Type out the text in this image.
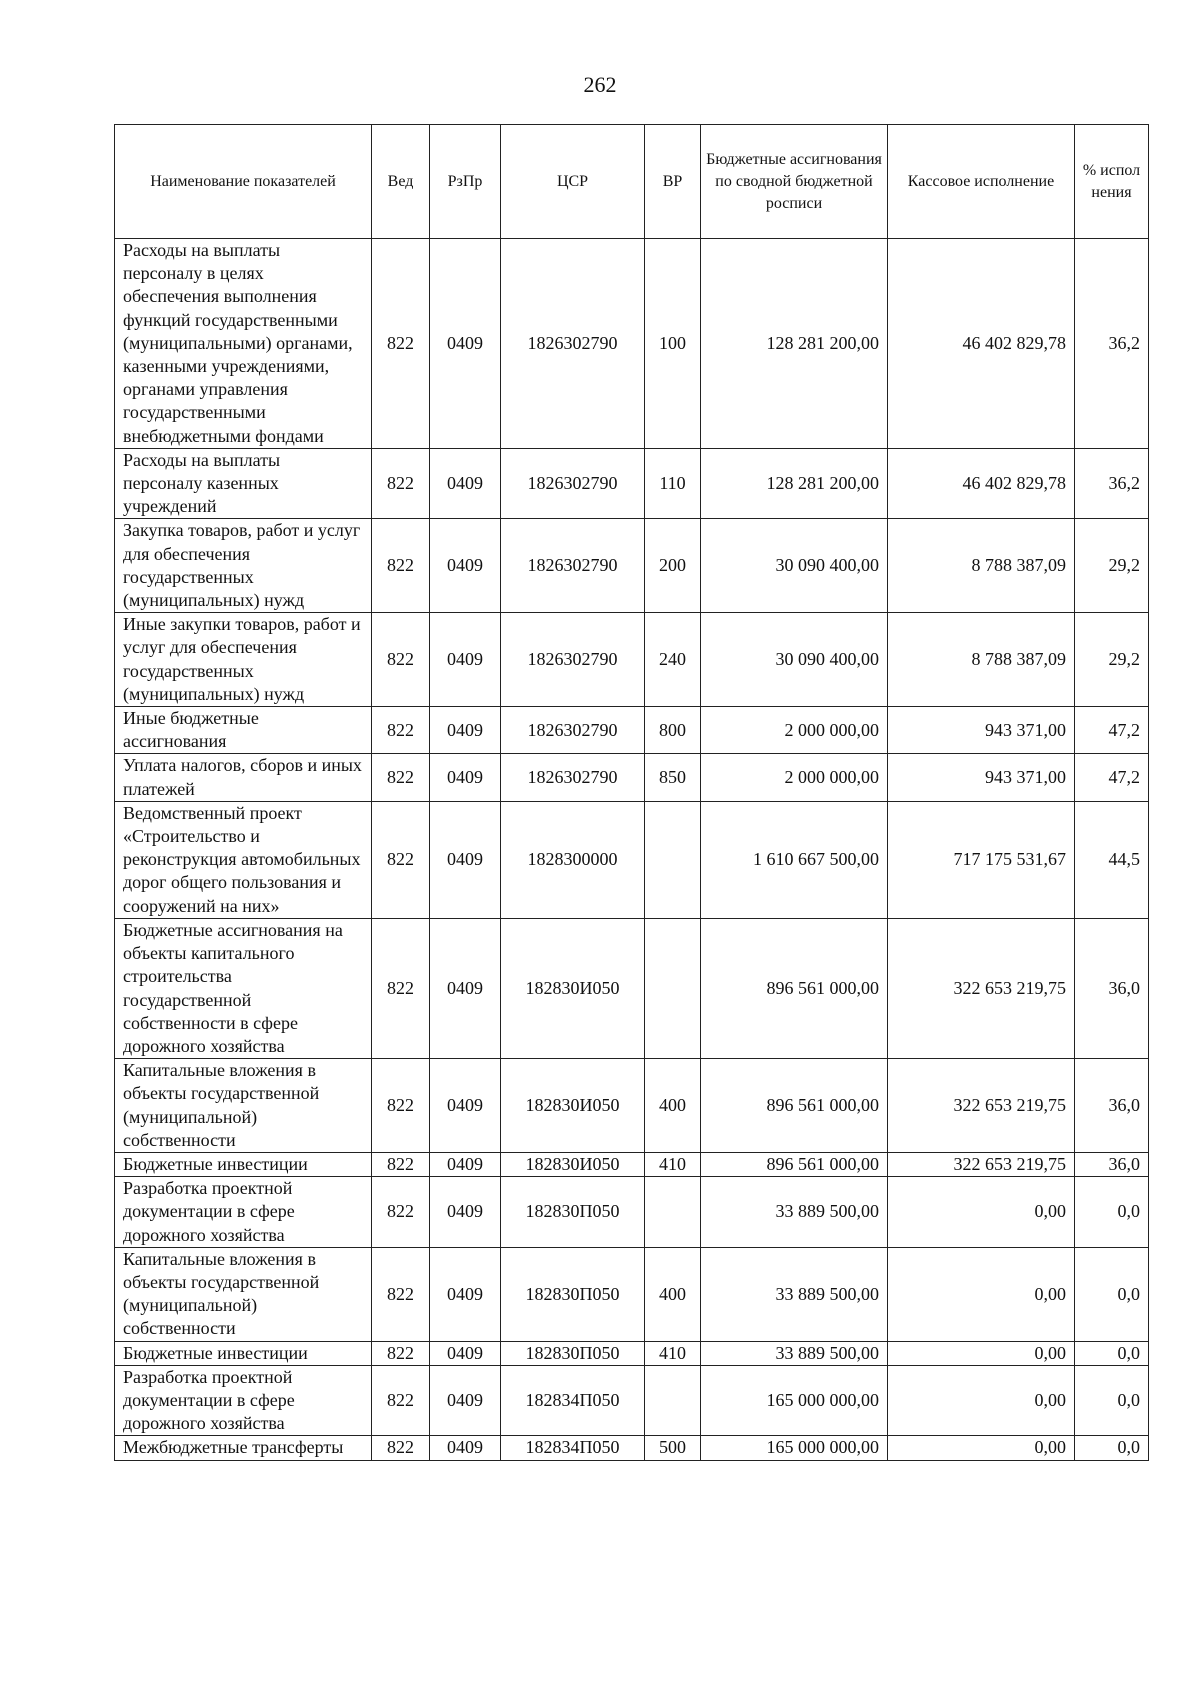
262
Наименование показателей	Вед	РзПр	ЦСР	ВР	Бюджетные ассигнования по сводной бюджетной росписи	Кассовое исполнение	% испол нения
Расходы на выплаты персоналу в целях обеспечения выполнения функций государственными (муниципальными) органами, казенными учреждениями, органами управления государственными внебюджетными фондами	822	0409	1826302790	100	128 281 200,00	46 402 829,78	36,2
Расходы на выплаты персоналу казенных учреждений	822	0409	1826302790	110	128 281 200,00	46 402 829,78	36,2
Закупка товаров, работ и услуг для обеспечения государственных (муниципальных) нужд	822	0409	1826302790	200	30 090 400,00	8 788 387,09	29,2
Иные закупки товаров, работ и услуг для обеспечения государственных (муниципальных) нужд	822	0409	1826302790	240	30 090 400,00	8 788 387,09	29,2
Иные бюджетные ассигнования	822	0409	1826302790	800	2 000 000,00	943 371,00	47,2
Уплата налогов, сборов и иных платежей	822	0409	1826302790	850	2 000 000,00	943 371,00	47,2
Ведомственный проект «Строительство и реконструкция автомобильных дорог общего пользования и сооружений на них»	822	0409	1828300000		1 610 667 500,00	717 175 531,67	44,5
Бюджетные ассигнования на объекты капитального строительства государственной собственности в сфере дорожного хозяйства	822	0409	182830И050		896 561 000,00	322 653 219,75	36,0
Капитальные вложения в объекты государственной (муниципальной) собственности	822	0409	182830И050	400	896 561 000,00	322 653 219,75	36,0
Бюджетные инвестиции	822	0409	182830И050	410	896 561 000,00	322 653 219,75	36,0
Разработка проектной документации в сфере дорожного хозяйства	822	0409	182830П050		33 889 500,00	0,00	0,0
Капитальные вложения в объекты государственной (муниципальной) собственности	822	0409	182830П050	400	33 889 500,00	0,00	0,0
Бюджетные инвестиции	822	0409	182830П050	410	33 889 500,00	0,00	0,0
Разработка проектной документации в сфере дорожного хозяйства	822	0409	182834П050		165 000 000,00	0,00	0,0
Межбюджетные трансферты	822	0409	182834П050	500	165 000 000,00	0,00	0,0
